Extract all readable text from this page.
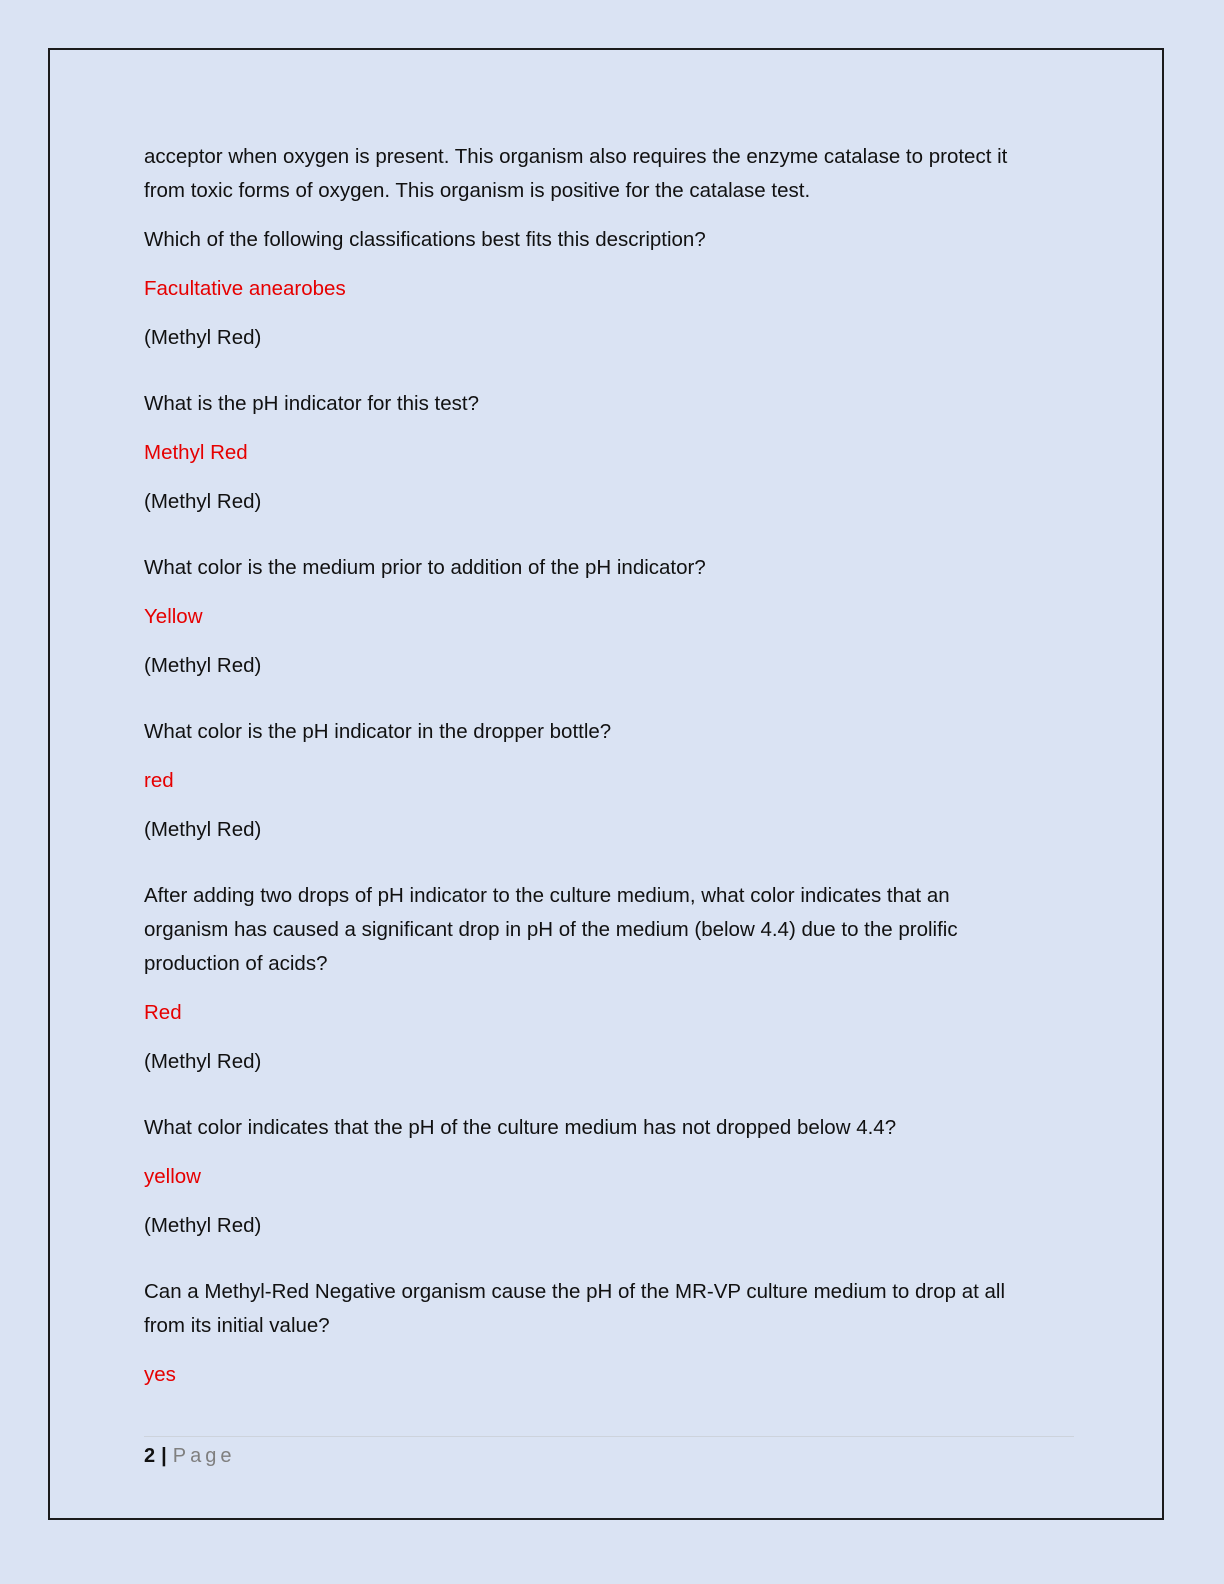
acceptor when oxygen is present. This organism also requires the enzyme catalase to protect it
from toxic forms of oxygen. This organism is positive for the catalase test.

Which of the following classifications best fits this description?

Facultative anearobes

(Methyl Red)

What is the pH indicator for this test?

Methyl Red

(Methyl Red)

What color is the medium prior to addition of the pH indicator?

Yellow

(Methyl Red)

What color is the pH indicator in the dropper bottle?

red

(Methyl Red)

After adding two drops of pH indicator to the culture medium, what color indicates that an
organism has caused a significant drop in pH of the medium (below 4.4) due to the prolific
production of acids?

Red

(Methyl Red)

What color indicates that the pH of the culture medium has not dropped below 4.4?

yellow

(Methyl Red)

Can a Methyl-Red Negative organism cause the pH of the MR-VP culture medium to drop at all
from its initial value?

yes

2 | Page
